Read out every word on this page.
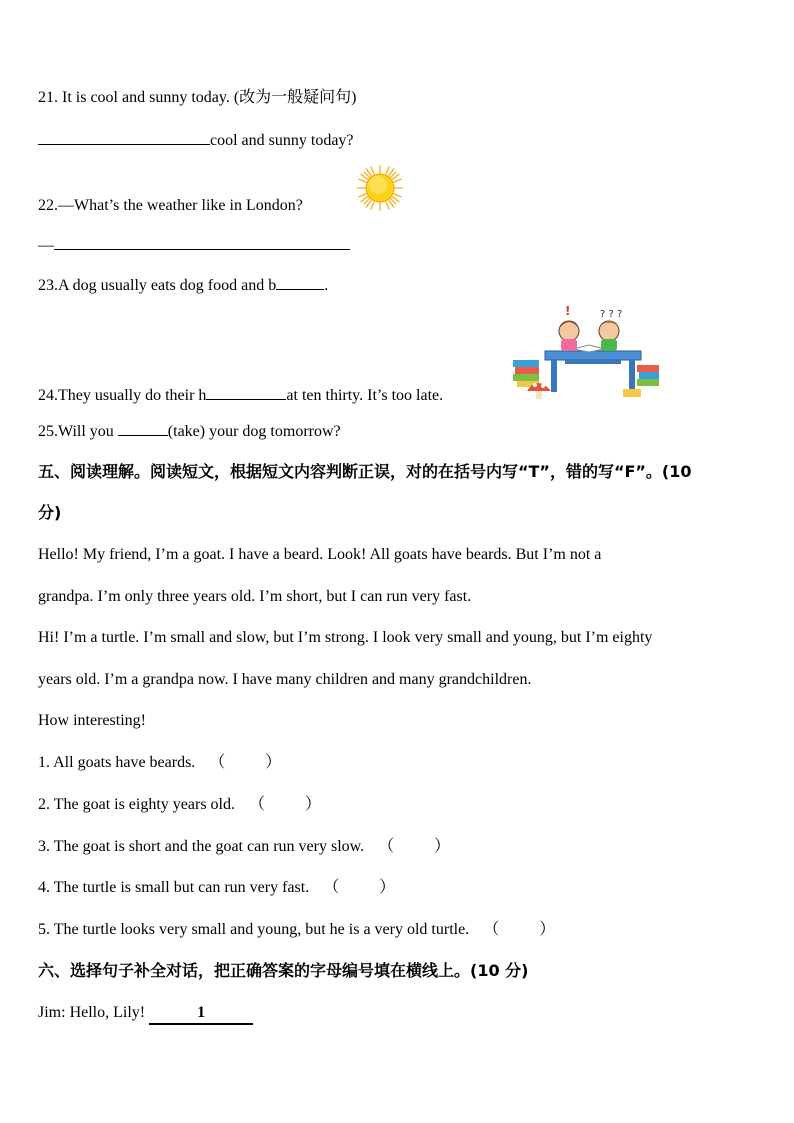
21. It is cool and sunny today. (改为一般疑问句)
cool and sunny today?
22.—What’s the weather like in London?
—
23.A dog usually eats dog food and b	.
!	? ? ?
24.They usually do their h	at ten thirty. It’s too late.
25.Will you	(take) your dog tomorrow?
五、阅读理解。阅读短文，根据短文内容判断正误，对的在括号内写“T”，错的写“F”。(10
分)
Hello! My friend, I’m a goat. I have a beard. Look! All goats have beards. But I’m not a
grandpa. I’m only three years old. I’m short, but I can run very fast.
Hi! I’m a turtle. I’m small and slow, but I’m strong. I look very small and young, but I’m eighty
years old. I’m a grandpa now. I have many children and many grandchildren.
How interesting!
1. All goats have beards. （          ）
2. The goat is eighty years old. （          ）
3. The goat is short and the goat can run very slow. （          ）
4. The turtle is small but can run very fast. （          ）
5. The turtle looks very small and young, but he is a very old turtle. （          ）
六、选择句子补全对话，把正确答案的字母编号填在横线上。(10 分)
Jim: Hello, Lily!	1
